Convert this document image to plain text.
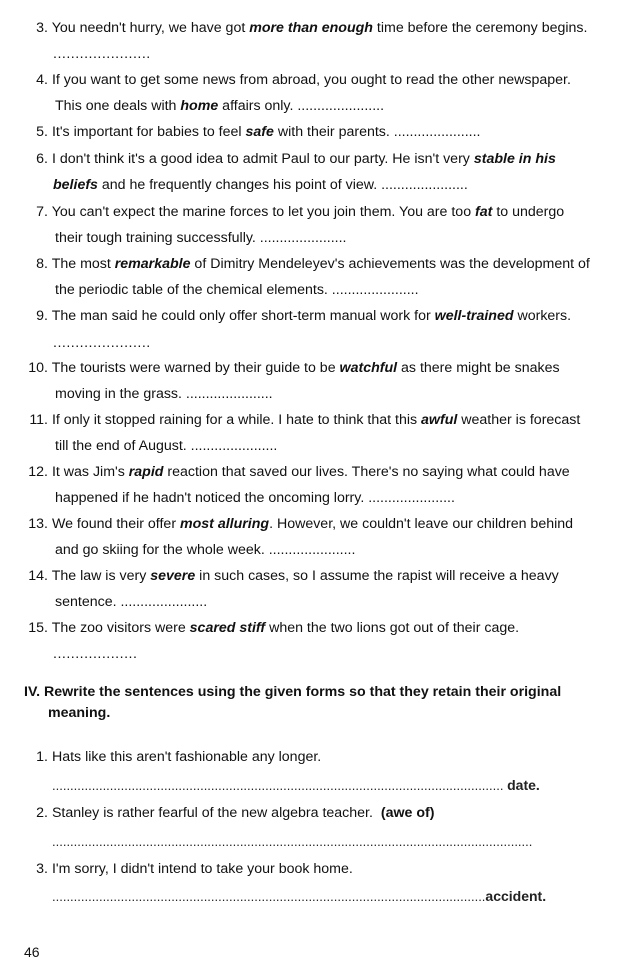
3. You needn't hurry, we have got more than enough time before the ceremony begins.
......................
4. If you want to get some news from abroad, you ought to read the other newspaper.
This one deals with home affairs only. ......................
5. It's important for babies to feel safe with their parents. ......................
6. I don't think it's a good idea to admit Paul to our party. He isn't very stable in his
beliefs and he frequently changes his point of view. ......................
7. You can't expect the marine forces to let you join them. You are too fat to undergo
their tough training successfully. ......................
8. The most remarkable of Dimitry Mendeleyev's achievements was the development of
the periodic table of the chemical elements. ......................
9. The man said he could only offer short-term manual work for well-trained workers.
......................
10. The tourists were warned by their guide to be watchful as there might be snakes
moving in the grass. ......................
11. If only it stopped raining for a while. I hate to think that this awful weather is forecast
till the end of August. ......................
12. It was Jim's rapid reaction that saved our lives. There's no saying what could have
happened if he hadn't noticed the oncoming lorry. ......................
13. We found their offer most alluring. However, we couldn't leave our children behind
and go skiing for the whole week. ......................
14. The law is very severe in such cases, so I assume the rapist will receive a heavy
sentence. ......................
15. The zoo visitors were scared stiff when the two lions got out of their cage.
...................
IV. Rewrite the sentences using the given forms so that they retain their original
meaning.
1. Hats like this aren't fashionable any longer.
............................................................................................................................. date.
2. Stanley is rather fearful of the new algebra teacher. (awe of)
.....................................................................................................................................
3. I'm sorry, I didn't intend to take your book home.
........................................................................................................................accident.
46
